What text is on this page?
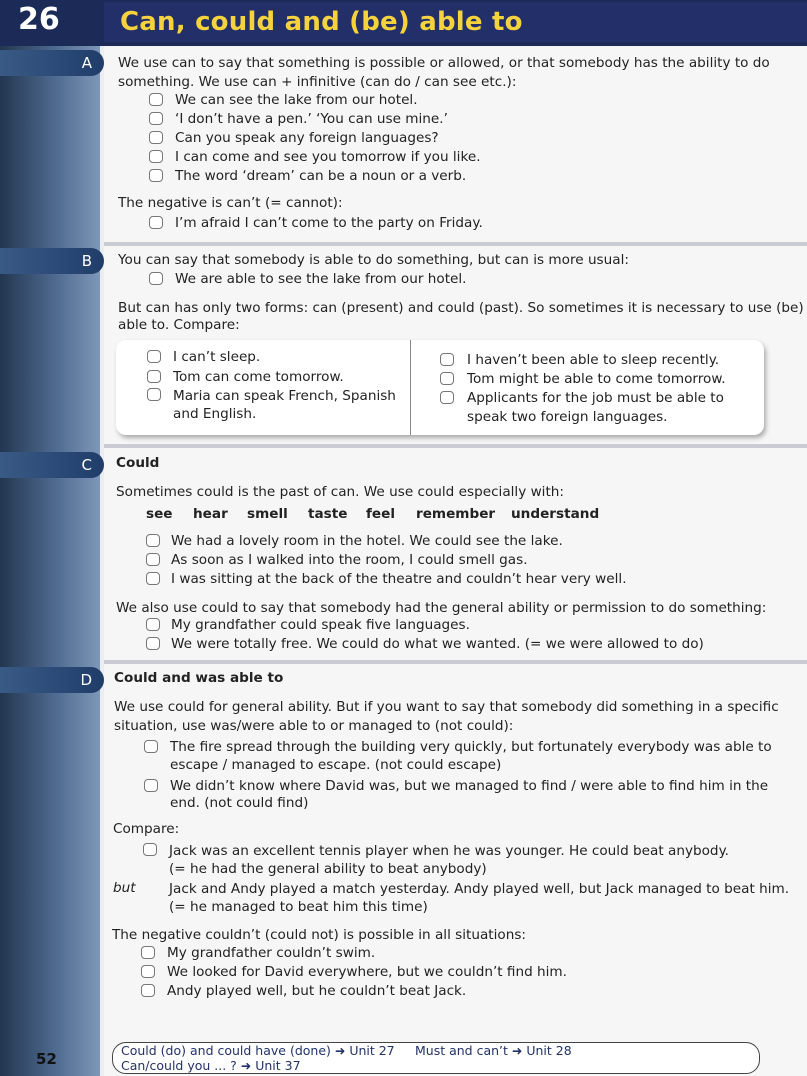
26	Can, could and (be) able to
A We use can to say that something is possible or allowed, or that somebody has the ability to do
something. We use can + infinitive (can do / can see etc.):
We can see the lake from our hotel.
‘I don’t have a pen.’ ‘You can use mine.’
Can you speak any foreign languages?
I can come and see you tomorrow if you like.
The word ‘dream’ can be a noun or a verb.
The negative is can’t (= cannot):
I’m afraid I can’t come to the party on Friday.
B You can say that somebody is able to do something, but can is more usual:
We are able to see the lake from our hotel.
But can has only two forms: can (present) and could (past). So sometimes it is necessary to use (be)
able to. Compare:
I can’t sleep.
Tom can come tomorrow.
Maria can speak French, Spanish
and English.
I haven’t been able to sleep recently.
Tom might be able to come tomorrow.
Applicants for the job must be able to
speak two foreign languages.
C Could
Sometimes could is the past of can. We use could especially with:
see hear smell taste feel remember understand
We had a lovely room in the hotel. We could see the lake.
As soon as I walked into the room, I could smell gas.
I was sitting at the back of the theatre and couldn’t hear very well.
We also use could to say that somebody had the general ability or permission to do something:
My grandfather could speak five languages.
We were totally free. We could do what we wanted. (= we were allowed to do)
D Could and was able to
We use could for general ability. But if you want to say that somebody did something in a specific
situation, use was/were able to or managed to (not could):
The fire spread through the building very quickly, but fortunately everybody was able to
escape / managed to escape. (not could escape)
We didn’t know where David was, but we managed to find / were able to find him in the
end. (not could find)
Compare:
Jack was an excellent tennis player when he was younger. He could beat anybody.
(= he had the general ability to beat anybody)
but Jack and Andy played a match yesterday. Andy played well, but Jack managed to beat him.
(= he managed to beat him this time)
The negative couldn’t (could not) is possible in all situations:
My grandfather couldn’t swim.
We looked for David everywhere, but we couldn’t find him.
Andy played well, but he couldn’t beat Jack.
52	Could (do) and could have (done) ➜ Unit 27 Must and can’t ➜ Unit 28
Can/could you ... ? ➜ Unit 37
